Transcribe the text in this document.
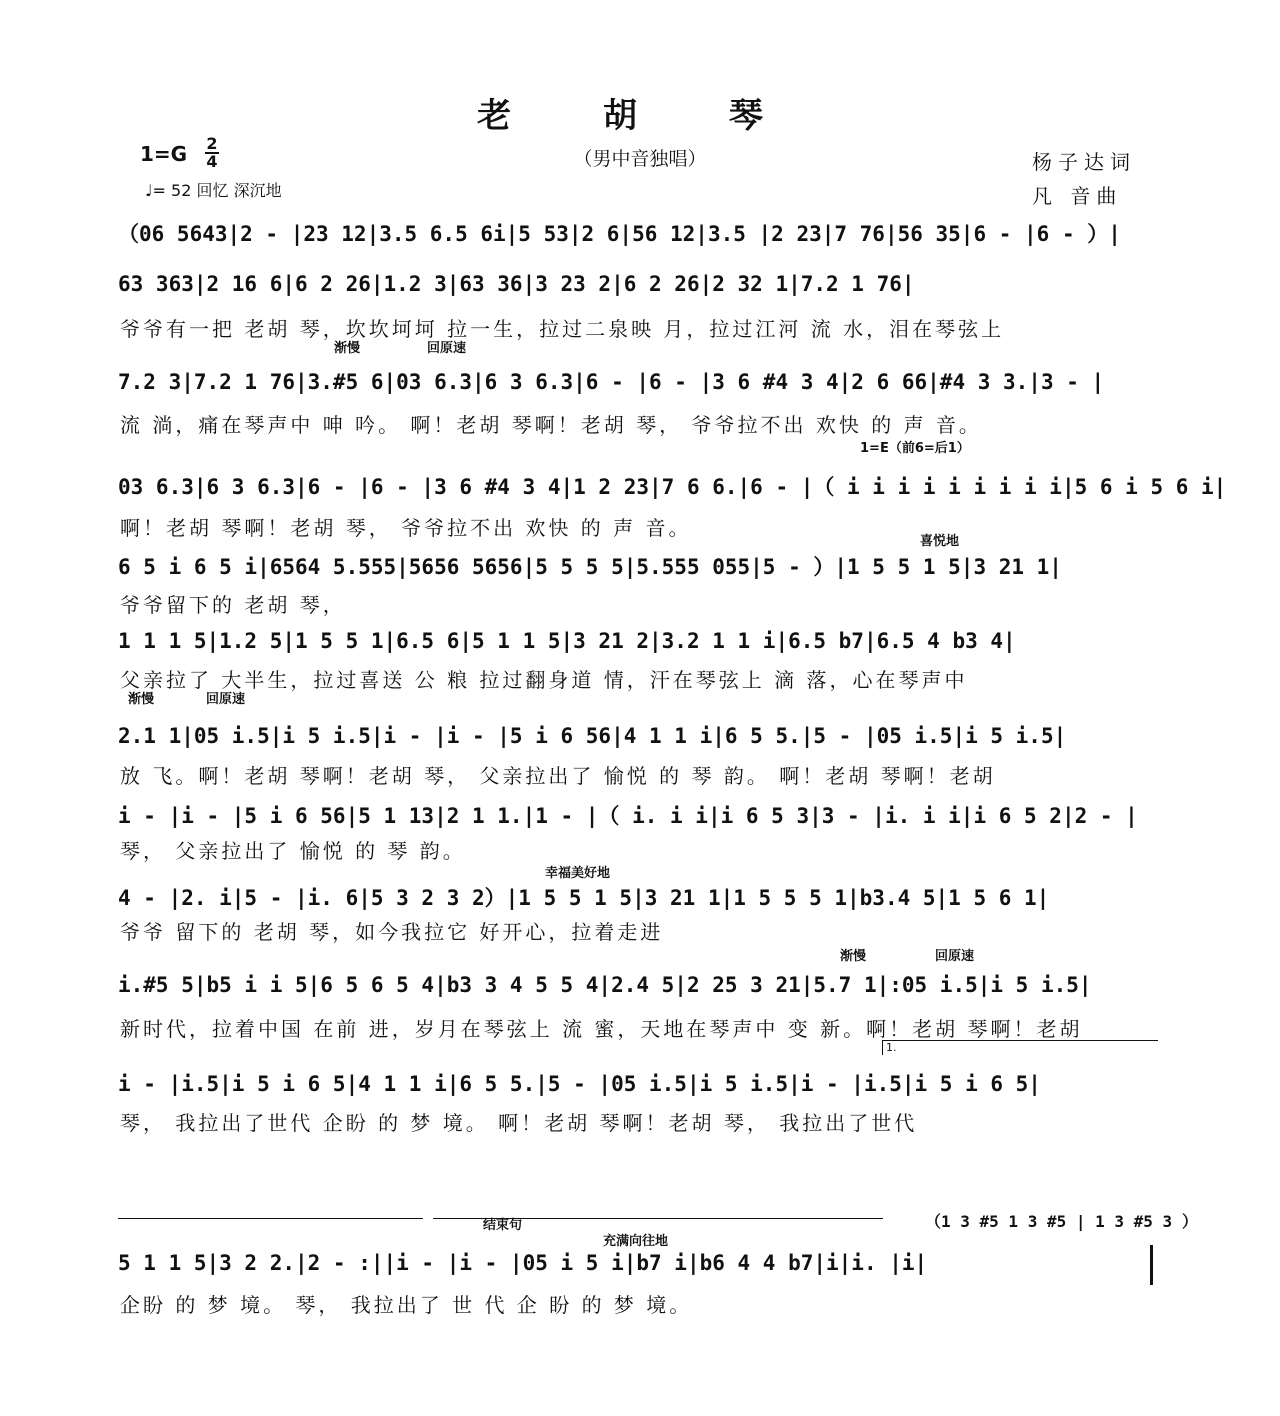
老 胡 琴
1=G 2
4	（男中音独唱）	杨子达词
凡 音曲
♩= 52 回忆 深沉地
渐慢	回原速
1=E（前6=后1）
喜悦地
渐慢	回原速
幸福美好地
渐慢	回原速
结束句
充满向往地
1.
（06 5643|2 - |23 12|3.5 6.5 6i|5 53|2 6|56 12|3.5 |2 23|7 76|56 35|6 - |6 - ）|
63 363|2 16 6|6 2 26|1.2 3|63 36|3 23 2|6 2 26|2 32 1|7.2 1 76|
爷爷有一把 老胡 琴，坎坎坷坷 拉一生，拉过二泉映 月，拉过江河 流 水，泪在琴弦上
7.2 3|7.2 1 76|3.#5 6|03 6.3|6 3 6.3|6 - |6 - |3 6 #4 3 4|2 6 66|#4 3 3.|3 - |
流 淌，痛在琴声中 呻 吟。 啊！老胡 琴啊！老胡 琴， 爷爷拉不出 欢快 的 声 音。
03 6.3|6 3 6.3|6 - |6 - |3 6 #4 3 4|1 2 23|7 6 6.|6 - |（ i i i i i i i i i|5 6 i 5 6 i|
啊！老胡 琴啊！老胡 琴， 爷爷拉不出 欢快 的 声 音。
6 5 i 6 5 i|6564 5.555|5656 5656|5 5 5 5|5.555 055|5 - ）|1 5 5 1 5|3 21 1|
爷爷留下的 老胡 琴，
1 1 1 5|1.2 5|1 5 5 1|6.5 6|5 1 1 5|3 21 2|3.2 1 1 i|6.5 b7|6.5 4 b3 4|
父亲拉了 大半生，拉过喜送 公 粮 拉过翻身道 情，汗在琴弦上 滴 落，心在琴声中
2.1 1|05 i.5|i 5 i.5|i - |i - |5 i 6 56|4 1 1 i|6 5 5.|5 - |05 i.5|i 5 i.5|
放 飞。啊！老胡 琴啊！老胡 琴， 父亲拉出了 愉悦 的 琴 韵。 啊！老胡 琴啊！老胡
i - |i - |5 i 6 56|5 1 13|2 1 1.|1 - |（ i. i i|i 6 5 3|3 - |i. i i|i 6 5 2|2 - |
琴， 父亲拉出了 愉悦 的 琴 韵。
4 - |2. i|5 - |i. 6|5 3 2 3 2）|1 5 5 1 5|3 21 1|1 5 5 5 1|b3.4 5|1 5 6 1|
爷爷 留下的 老胡 琴，如今我拉它 好开心，拉着走进
i.#5 5|b5 i i 5|6 5 6 5 4|b3 3 4 5 5 4|2.4 5|2 25 3 21|5.7 1|:05 i.5|i 5 i.5|
新时代，拉着中国 在前 进，岁月在琴弦上 流 蜜，天地在琴声中 变 新。啊！老胡 琴啊！老胡
i - |i.5|i 5 i 6 5|4 1 1 i|6 5 5.|5 - |05 i.5|i 5 i.5|i - |i.5|i 5 i 6 5|
琴， 我拉出了世代 企盼 的 梦 境。 啊！老胡 琴啊！老胡 琴， 我拉出了世代
（1 3 #5 1 3 #5 | 1 3 #5 3 ）
5 1 1 5|3 2 2.|2 - :||i - |i - |05 i 5 i|b7 i|b6 4 4 b7|i|i. |i|
企盼 的 梦 境。 琴， 我拉出了 世 代 企 盼 的 梦 境。
